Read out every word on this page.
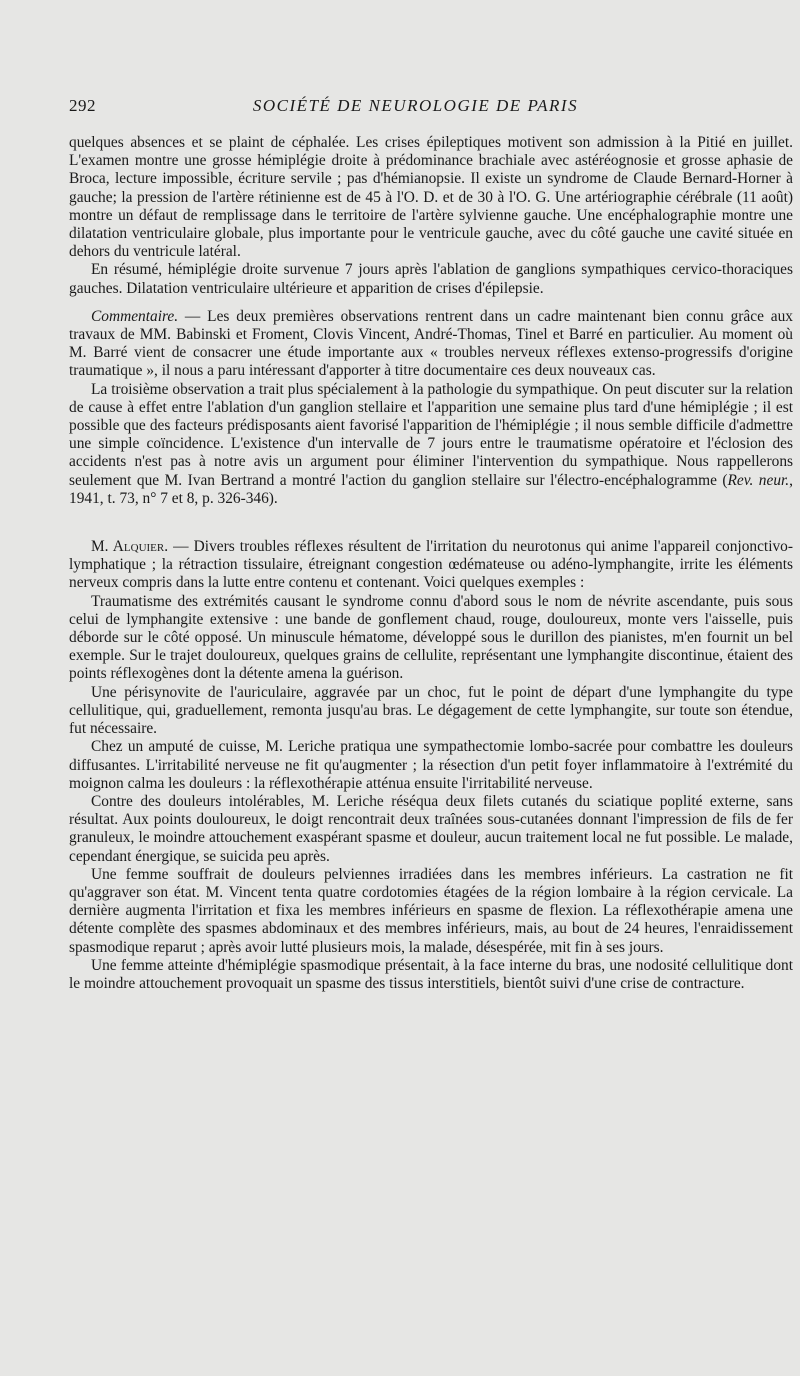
292	SOCIÉTÉ DE NEUROLOGIE DE PARIS

quelques absences et se plaint de céphalée. Les crises épileptiques motivent son admission à la Pitié en juillet. L'examen montre une grosse hémiplégie droite à prédominance brachiale avec astéréognosie et grosse aphasie de Broca, lecture impossible, écriture servile ; pas d'hémianopsie. Il existe un syndrome de Claude Bernard-Horner à gauche; la pression de l'artère rétinienne est de 45 à l'O. D. et de 30 à l'O. G. Une artériographie cérébrale (11 août) montre un défaut de remplissage dans le territoire de l'artère sylvienne gauche. Une encéphalographie montre une dilatation ventriculaire globale, plus importante pour le ventricule gauche, avec du côté gauche une cavité située en dehors du ventricule latéral.

En résumé, hémiplégie droite survenue 7 jours après l'ablation de ganglions sympathiques cervico-thoraciques gauches. Dilatation ventriculaire ultérieure et apparition de crises d'épilepsie.

Commentaire. — Les deux premières observations rentrent dans un cadre maintenant bien connu grâce aux travaux de MM. Babinski et Froment, Clovis Vincent, André-Thomas, Tinel et Barré en particulier. Au moment où M. Barré vient de consacrer une étude importante aux « troubles nerveux réflexes extenso-progressifs d'origine traumatique », il nous a paru intéressant d'apporter à titre documentaire ces deux nouveaux cas.

La troisième observation a trait plus spécialement à la pathologie du sympathique. On peut discuter sur la relation de cause à effet entre l'ablation d'un ganglion stellaire et l'apparition une semaine plus tard d'une hémiplégie ; il est possible que des facteurs prédisposants aient favorisé l'apparition de l'hémiplégie ; il nous semble difficile d'admettre une simple coïncidence. L'existence d'un intervalle de 7 jours entre le traumatisme opératoire et l'éclosion des accidents n'est pas à notre avis un argument pour éliminer l'intervention du sympathique. Nous rappellerons seulement que M. Ivan Bertrand a montré l'action du ganglion stellaire sur l'électro-encéphalogramme (Rev. neur., 1941, t. 73, n° 7 et 8, p. 326-346).

M. Alquier. — Divers troubles réflexes résultent de l'irritation du neurotonus qui anime l'appareil conjonctivo-lymphatique ; la rétraction tissulaire, étreignant congestion œdémateuse ou adéno-lymphangite, irrite les éléments nerveux compris dans la lutte entre contenu et contenant. Voici quelques exemples :

Traumatisme des extrémités causant le syndrome connu d'abord sous le nom de névrite ascendante, puis sous celui de lymphangite extensive : une bande de gonflement chaud, rouge, douloureux, monte vers l'aisselle, puis déborde sur le côté opposé. Un minuscule hématome, développé sous le durillon des pianistes, m'en fournit un bel exemple. Sur le trajet douloureux, quelques grains de cellulite, représentant une lymphangite discontinue, étaient des points réflexogènes dont la détente amena la guérison.

Une périsynovite de l'auriculaire, aggravée par un choc, fut le point de départ d'une lymphangite du type cellulitique, qui, graduellement, remonta jusqu'au bras. Le dégagement de cette lymphangite, sur toute son étendue, fut nécessaire.

Chez un amputé de cuisse, M. Leriche pratiqua une sympathectomie lombo-sacrée pour combattre les douleurs diffusantes. L'irritabilité nerveuse ne fit qu'augmenter ; la résection d'un petit foyer inflammatoire à l'extrémité du moignon calma les douleurs : la réflexothérapie atténua ensuite l'irritabilité nerveuse.

Contre des douleurs intolérables, M. Leriche réséqua deux filets cutanés du sciatique poplité externe, sans résultat. Aux points douloureux, le doigt rencontrait deux traînées sous-cutanées donnant l'impression de fils de fer granuleux, le moindre attouchement exaspérant spasme et douleur, aucun traitement local ne fut possible. Le malade, cependant énergique, se suicida peu après.

Une femme souffrait de douleurs pelviennes irradiées dans les membres inférieurs. La castration ne fit qu'aggraver son état. M. Vincent tenta quatre cordotomies étagées de la région lombaire à la région cervicale. La dernière augmenta l'irritation et fixa les membres inférieurs en spasme de flexion. La réflexothérapie amena une détente complète des spasmes abdominaux et des membres inférieurs, mais, au bout de 24 heures, l'enraidissement spasmodique reparut ; après avoir lutté plusieurs mois, la malade, désespérée, mit fin à ses jours.

Une femme atteinte d'hémiplégie spasmodique présentait, à la face interne du bras, une nodosité cellulitique dont le moindre attouchement provoquait un spasme des tissus interstitiels, bientôt suivi d'une crise de contracture.
